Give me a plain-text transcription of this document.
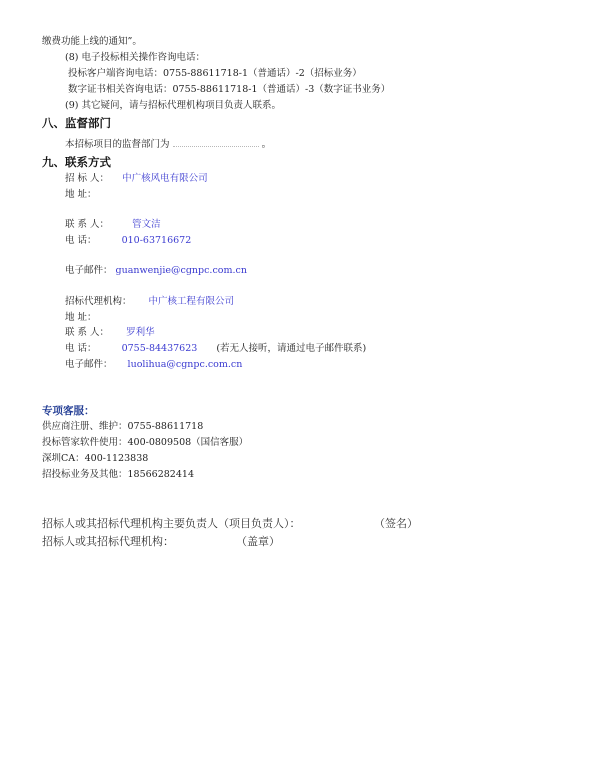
缴费功能上线的通知”。
(8) 电子投标相关操作咨询电话：
投标客户端咨询电话：0755-88611718-1（普通话）-2（招标业务）
数字证书相关咨询电话：0755-88611718-1（普通话）-3（数字证书业务）
(9) 其它疑问，请与招标代理机构项目负责人联系。
八、监督部门
本招标项目的监督部门为	。
九、联系方式
招 标 人： 中广核风电有限公司
地 址：
联 系 人： 管文洁
电 话：	010-63716672
电子邮件： guanwenjie@cgnpc.com.cn
招标代理机构： 中广核工程有限公司
地 址：
联 系 人： 罗利华
电 话：	0755-84437623 (若无人接听，请通过电子邮件联系)
电子邮件： luolihua@cgnpc.com.cn
专项客服：
供应商注册、维护：0755-88611718
投标管家软件使用：400-0809508（国信客服）
深圳CA：400-1123838
招投标业务及其他：18566282414
招标人或其招标代理机构主要负责人（项目负责人）：	（签名）
招标人或其招标代理机构：	（盖章）
